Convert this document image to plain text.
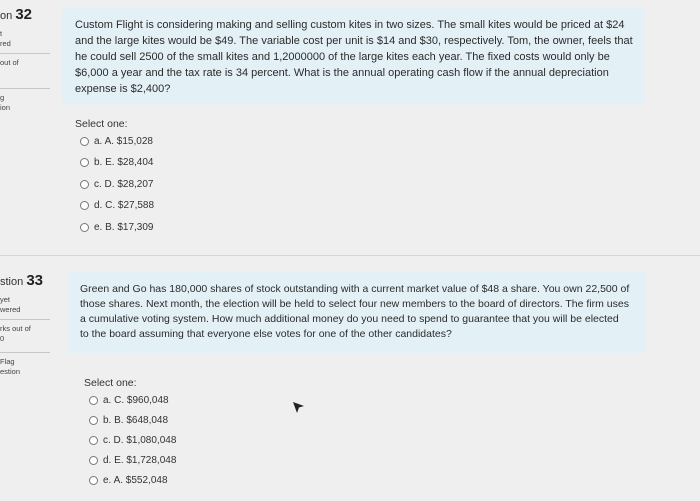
on 32
t
red
out of
g
ion
Custom Flight is considering making and selling custom kites in two sizes. The small kites would be priced at $24 and the large kites would be $49. The variable cost per unit is $14 and $30, respectively. Tom, the owner, feels that he could sell 2500 of the small kites and 1,2000000 of the large kites each year. The fixed costs would only be $6,000 a year and the tax rate is 34 percent. What is the annual operating cash flow if the annual depreciation expense is $2,400?
Select one:
a. A. $15,028
b. E. $28,404
c. D. $28,207
d. C. $27,588
e. B. $17,309
stion 33
yet
wered
rks out of
0
Flag
estion
Green and Go has 180,000 shares of stock outstanding with a current market value of $48 a share. You own 22,500 of those shares. Next month, the election will be held to select four new members to the board of directors. The firm uses a cumulative voting system. How much additional money do you need to spend to guarantee that you will be elected to the board assuming that everyone else votes for one of the other candidates?
Select one:
a. C. $960,048
b. B. $648,048
c. D. $1,080,048
d. E. $1,728,048
e. A. $552,048
